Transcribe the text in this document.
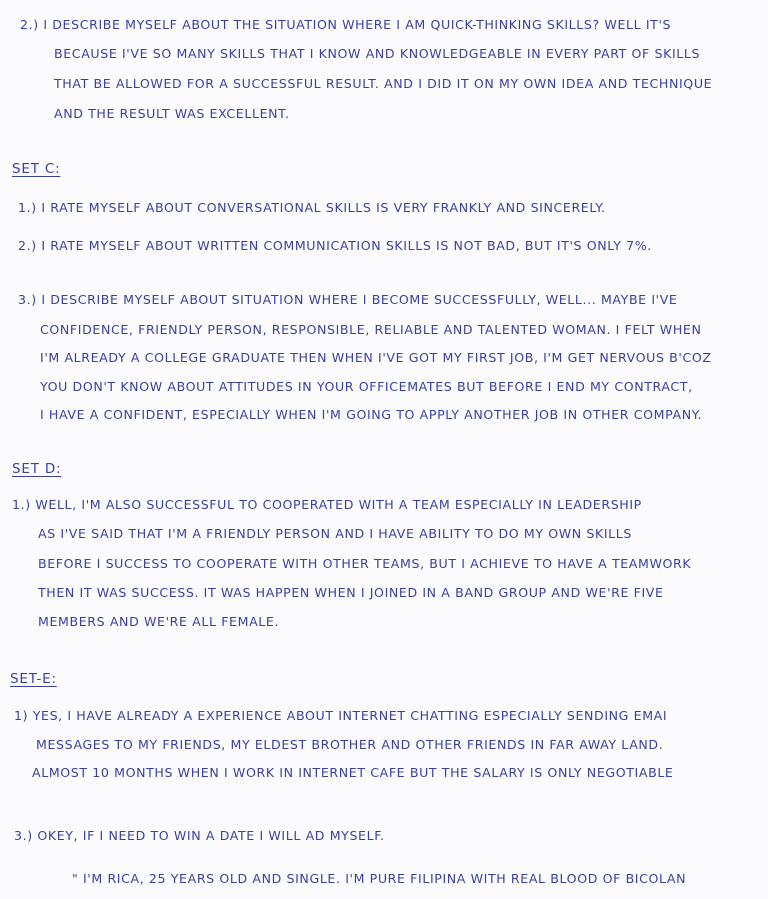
2.) I DESCRIBE MYSELF ABOUT THE SITUATION WHERE I AM QUICK-THINKING SKILLS? WELL IT'S
BECAUSE I'VE SO MANY SKILLS THAT I KNOW AND KNOWLEDGEABLE IN EVERY PART OF SKILLS
THAT BE ALLOWED FOR A SUCCESSFUL RESULT. AND I DID IT ON MY OWN IDEA AND TECHNIQUE
AND THE RESULT WAS EXCELLENT.
SET C:
1.) I RATE MYSELF ABOUT CONVERSATIONAL SKILLS IS VERY FRANKLY AND SINCERELY.
2.) I RATE MYSELF ABOUT WRITTEN COMMUNICATION SKILLS IS NOT BAD, BUT IT'S ONLY 7%.
3.) I DESCRIBE MYSELF ABOUT SITUATION WHERE I BECOME SUCCESSFULLY, WELL... MAYBE I'VE
CONFIDENCE, FRIENDLY PERSON, RESPONSIBLE, RELIABLE AND TALENTED WOMAN. I FELT WHEN
I'M ALREADY A COLLEGE GRADUATE THEN WHEN I'VE GOT MY FIRST JOB, I'M GET NERVOUS B'COZ
YOU DON'T KNOW ABOUT ATTITUDES IN YOUR OFFICEMATES BUT BEFORE I END MY CONTRACT,
I HAVE A CONFIDENT, ESPECIALLY WHEN I'M GOING TO APPLY ANOTHER JOB IN OTHER COMPANY.
SET D:
1.) WELL, I'M ALSO SUCCESSFUL TO COOPERATED WITH A TEAM ESPECIALLY IN LEADERSHIP
AS I'VE SAID THAT I'M A FRIENDLY PERSON AND I HAVE ABILITY TO DO MY OWN SKILLS
BEFORE I SUCCESS TO COOPERATE WITH OTHER TEAMS, BUT I ACHIEVE TO HAVE A TEAMWORK
THEN IT WAS SUCCESS. IT WAS HAPPEN WHEN I JOINED IN A BAND GROUP AND WE'RE FIVE
MEMBERS AND WE'RE ALL FEMALE.
SET-E:
1) YES, I HAVE ALREADY A EXPERIENCE ABOUT INTERNET CHATTING ESPECIALLY SENDING EMAI
MESSAGES TO MY FRIENDS, MY ELDEST BROTHER AND OTHER FRIENDS IN FAR AWAY LAND.
ALMOST 10 MONTHS WHEN I WORK IN INTERNET CAFE BUT THE SALARY IS ONLY NEGOTIABLE
3.) OKEY, IF I NEED TO WIN A DATE I WILL AD MYSELF.
" I'M RICA, 25 YEARS OLD AND SINGLE. I'M PURE FILIPINA WITH REAL BLOOD OF BICOLAN
